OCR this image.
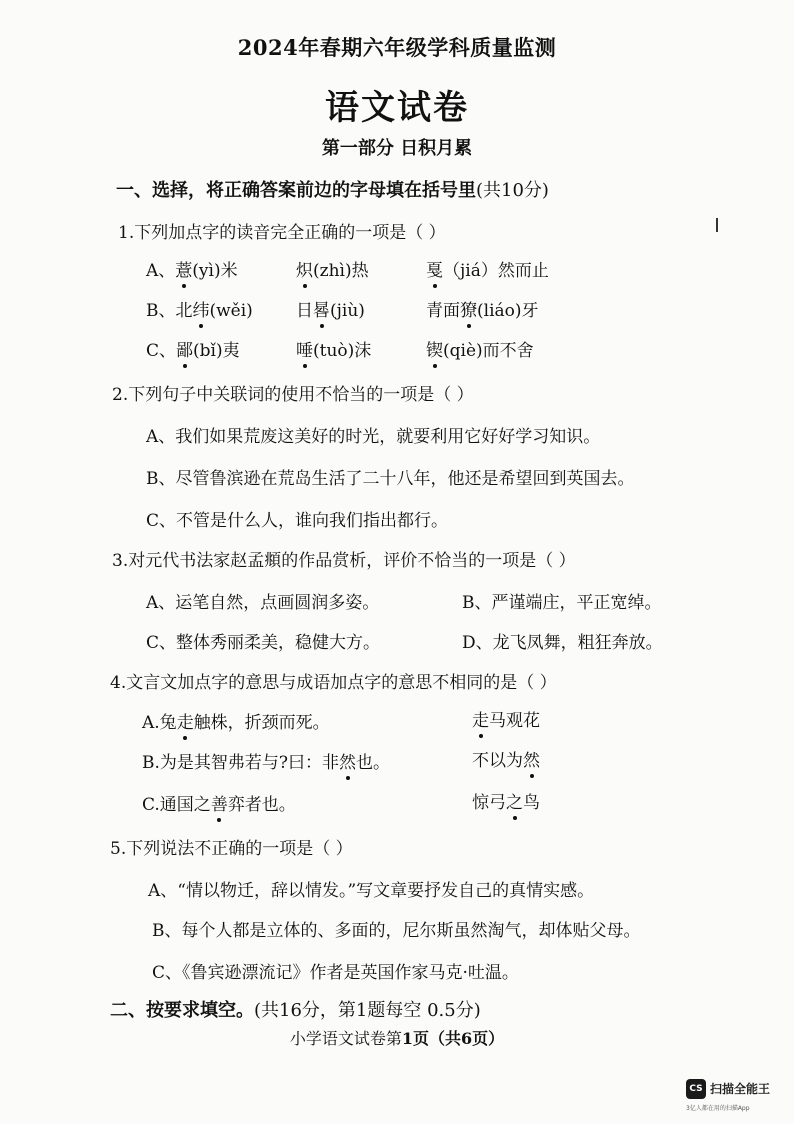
2024年春期六年级学科质量监测
语文试卷
第一部分 日积月累
一、选择，将正确答案前边的字母填在括号里(共10分)
1.下列加点字的读音完全正确的一项是（ ）
A、薏(yì)米	炽(zhì)热	戛（jiá）然而止
B、北纬(wěi)	日晷(jiù)	青面獠(liáo)牙
C、鄙(bǐ)夷	唾(tuò)沫	锲(qiè)而不舍
2.下列句子中关联词的使用不恰当的一项是（ ）
A、我们如果荒废这美好的时光，就要利用它好好学习知识。
B、尽管鲁滨逊在荒岛生活了二十八年，他还是希望回到英国去。
C、不管是什么人，谁向我们指出都行。
3.对元代书法家赵孟頫的作品赏析，评价不恰当的一项是（ ）
A、运笔自然，点画圆润多姿。	B、严谨端庄，平正宽绰。
C、整体秀丽柔美，稳健大方。	D、龙飞凤舞，粗狂奔放。
4.文言文加点字的意思与成语加点字的意思不相同的是（ ）
A.兔走触株，折颈而死。	走马观花
B.为是其智弗若与?曰：非然也。	不以为然
C.通国之善弈者也。	惊弓之鸟
5.下列说法不正确的一项是（ ）
A、“情以物迁，辞以情发。”写文章要抒发自己的真情实感。
B、每个人都是立体的、多面的，尼尔斯虽然淘气，却体贴父母。
C、《鲁宾逊漂流记》作者是英国作家马克·吐温。
二、按要求填空。(共16分，第1题每空 0.5分)
小学语文试卷第1页（共6页）
CS 扫描全能王
3亿人都在用的扫描App
